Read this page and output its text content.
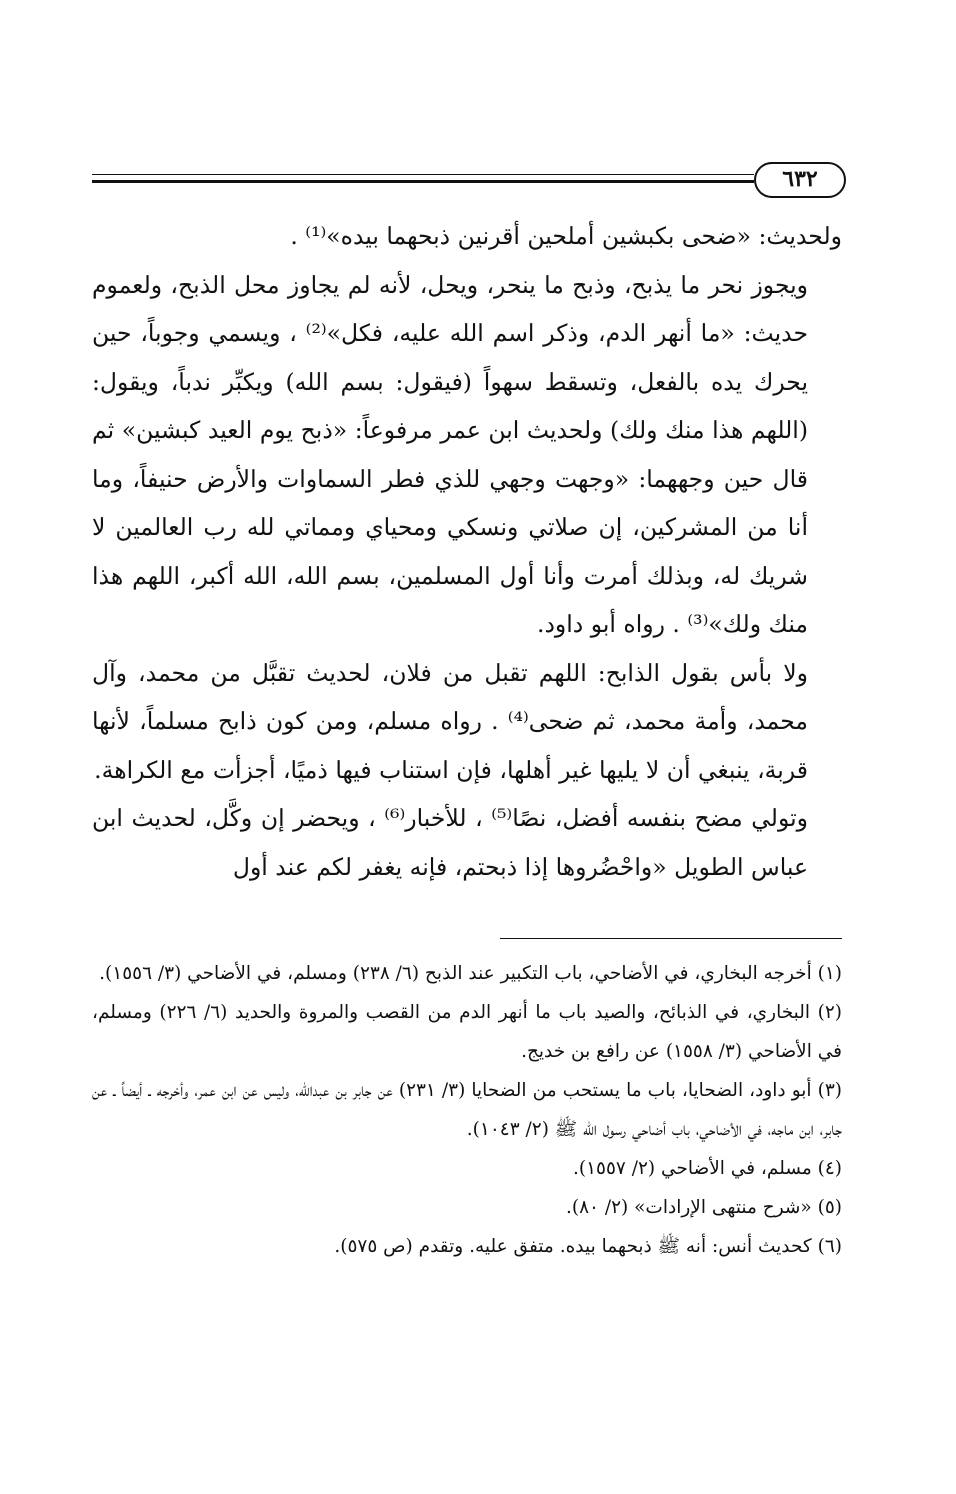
٦٣٢

ولحديث: «ضحى بكبشين أملحين أقرنين ذبحهما بيده»⁽¹⁾ .

ويجوز نحر ما يذبح، وذبح ما ينحر، ويحل، لأنه لم يجاوز محل الذبح، ولعموم حديث: «ما أنهر الدم، وذكر اسم الله عليه، فكل»⁽²⁾ ، ويسمي وجوباً، حين يحرك يده بالفعل، وتسقط سهواً (فيقول: بسم الله) ويكبِّر ندباً، ويقول: (اللهم هذا منك ولك) ولحديث ابن عمر مرفوعاً: «ذبح يوم العيد كبشين» ثم قال حين وجههما: «وجهت وجهي للذي فطر السماوات والأرض حنيفاً، وما أنا من المشركين، إن صلاتي ونسكي ومحياي ومماتي لله رب العالمين لا شريك له، وبذلك أمرت وأنا أول المسلمين، بسم الله، الله أكبر، اللهم هذا منك ولك»⁽³⁾ . رواه أبو داود.

ولا بأس بقول الذابح: اللهم تقبل من فلان، لحديث تقبَّل من محمد، وآل محمد، وأمة محمد، ثم ضحى⁽⁴⁾ . رواه مسلم، ومن كون ذابح مسلماً، لأنها قربة، ينبغي أن لا يليها غير أهلها، فإن استناب فيها ذميًا، أجزأت مع الكراهة.

وتولي مضح بنفسه أفضل، نصًا⁽⁵⁾ ، للأخبار⁽⁶⁾ ، ويحضر إن وكَّل، لحديث ابن عباس الطويل «واحْضُروها إذا ذبحتم، فإنه يغفر لكم عند أول

(١) أخرجه البخاري، في الأضاحي، باب التكبير عند الذبح (٦/ ٢٣٨) ومسلم، في الأضاحي (٣/ ١٥٥٦).

(٢) البخاري، في الذبائح، والصيد باب ما أنهر الدم من القصب والمروة والحديد (٦/ ٢٢٦) ومسلم، في الأضاحي (٣/ ١٥٥٨) عن رافع بن خديج.

(٣) أبو داود، الضحايا، باب ما يستحب من الضحايا (٣/ ٢٣١) عن جابر بن عبدالله، وليس عن ابن عمر، وأخرجه ـ أيضاً ـ عن جابر، ابن ماجه، في الأضاحي، باب أضاحي رسول الله ﷺ (٢/ ١٠٤٣).

(٤) مسلم، في الأضاحي (٢/ ١٥٥٧).

(٥) «شرح منتهى الإرادات» (٢/ ٨٠).

(٦) كحديث أنس: أنه ﷺ ذبحهما بيده. متفق عليه. وتقدم (ص ٥٧٥).
